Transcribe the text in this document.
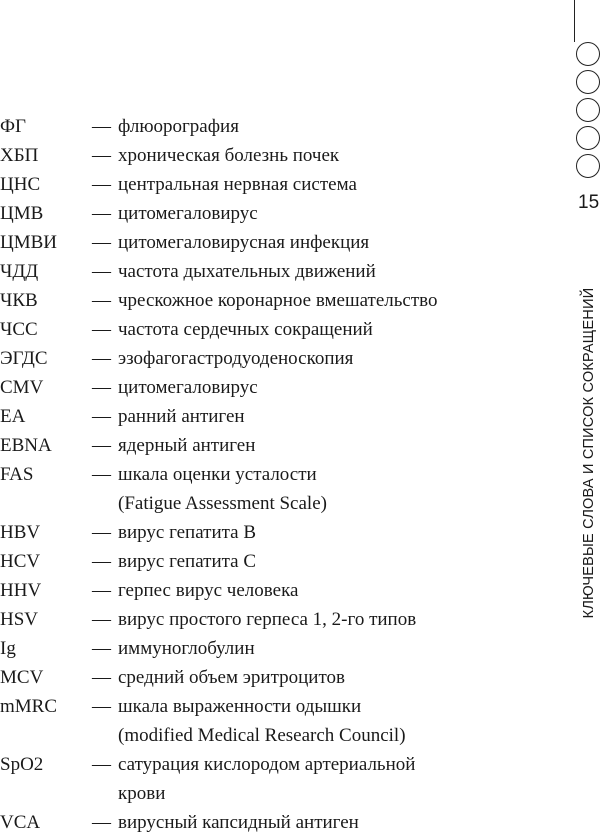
ФГ	— флюорография
ХБП	— хроническая болезнь почек
ЦНС	— центральная нервная система
ЦМВ	— цитомегаловирус
ЦМВИ	— цитомегаловирусная инфекция
ЧДД	— частота дыхательных движений
ЧКВ	— чрескожное коронарное вмешательство
ЧСС	— частота сердечных сокращений
ЭГДС	— эзофагогастродуоденоскопия
CMV	— цитомегаловирус
EA	— ранний антиген
EBNA	— ядерный антиген
FAS	— шкала оценки усталости
(Fatigue Assessment Scale)
HBV	— вирус гепатита В
HCV	— вирус гепатита С
HHV	— герпес вирус человека
HSV	— вирус простого герпеса 1, 2-го типов
Ig	— иммуноглобулин
MCV	— средний объем эритроцитов
mMRC	— шкала выраженности одышки
(modified Medical Research Council)
SpO2	— сатурация кислородом артериальной
крови
VCA	— вирусный капсидный антиген
15
КЛЮЧЕВЫЕ СЛОВА И СПИСОК СОКРАЩЕНИЙ
